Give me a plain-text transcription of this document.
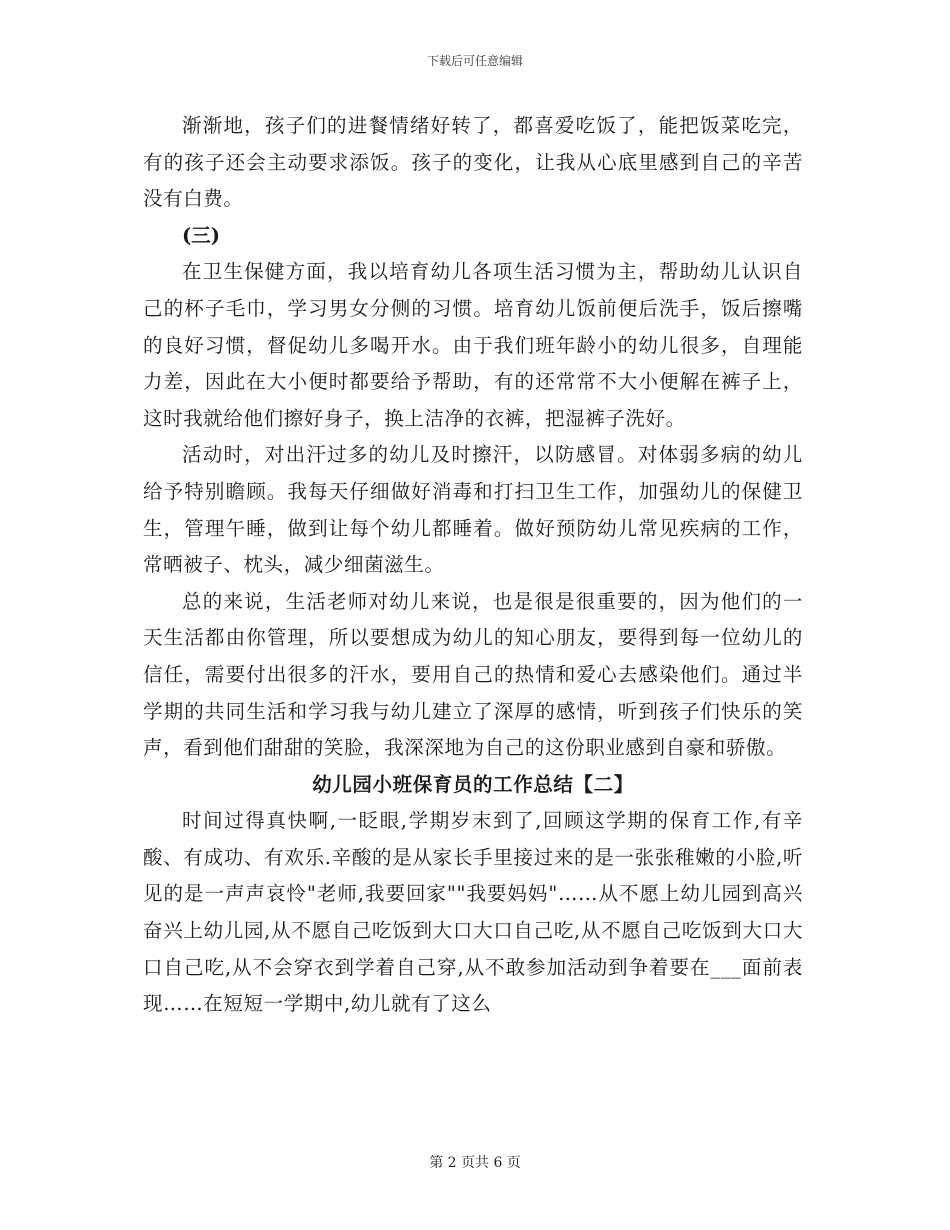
下载后可任意编辑

渐渐地，孩子们的进餐情绪好转了，都喜爱吃饭了，能把饭菜吃完，有的孩子还会主动要求添饭。孩子的变化，让我从心底里感到自己的辛苦没有白费。

(三)

在卫生保健方面，我以培育幼儿各项生活习惯为主，帮助幼儿认识自己的杯子毛巾，学习男女分侧的习惯。培育幼儿饭前便后洗手，饭后擦嘴的良好习惯，督促幼儿多喝开水。由于我们班年龄小的幼儿很多，自理能力差，因此在大小便时都要给予帮助，有的还常常不大小便解在裤子上，这时我就给他们擦好身子，换上洁净的衣裤，把湿裤子洗好。

活动时，对出汗过多的幼儿及时擦汗，以防感冒。对体弱多病的幼儿给予特别瞻顾。我每天仔细做好消毒和打扫卫生工作，加强幼儿的保健卫生，管理午睡，做到让每个幼儿都睡着。做好预防幼儿常见疾病的工作，常晒被子、枕头，减少细菌滋生。

总的来说，生活老师对幼儿来说，也是很是很重要的，因为他们的一天生活都由你管理，所以要想成为幼儿的知心朋友，要得到每一位幼儿的信任，需要付出很多的汗水，要用自己的热情和爱心去感染他们。通过半学期的共同生活和学习我与幼儿建立了深厚的感情，听到孩子们快乐的笑声，看到他们甜甜的笑脸，我深深地为自己的这份职业感到自豪和骄傲。

幼儿园小班保育员的工作总结【二】

时间过得真快啊,一眨眼,学期岁末到了,回顾这学期的保育工作,有辛酸、有成功、有欢乐.辛酸的是从家长手里接过来的是一张张稚嫩的小脸,听见的是一声声哀怜"老师,我要回家""我要妈妈"……从不愿上幼儿园到高兴奋兴上幼儿园,从不愿自己吃饭到大口大口自己吃,从不愿自己吃饭到大口大口自己吃,从不会穿衣到学着自己穿,从不敢参加活动到争着要在___面前表现……在短短一学期中,幼儿就有了这么

第 2 页共 6 页
